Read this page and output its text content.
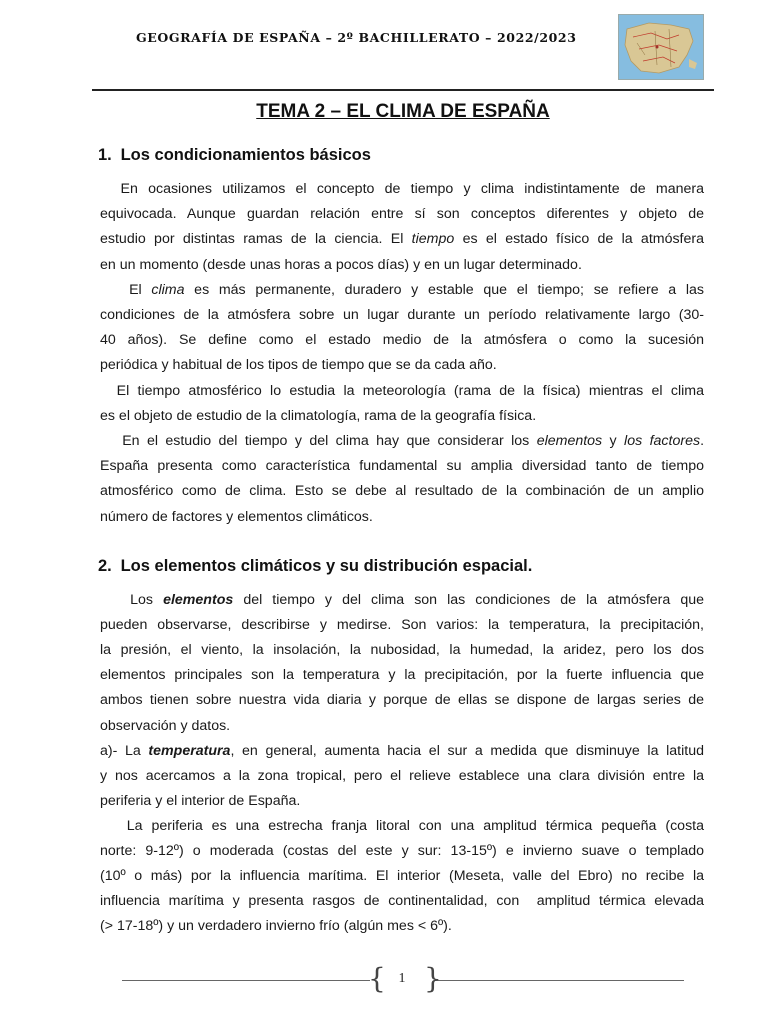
GEOGRAFÍA DE ESPAÑA – 2º BACHILLERATO – 2022/2023
TEMA 2 – EL CLIMA DE ESPAÑA
1. Los condicionamientos básicos
En ocasiones utilizamos el concepto de tiempo y clima indistintamente de manera
equivocada. Aunque guardan relación entre sí son conceptos diferentes y objeto de
estudio por distintas ramas de la ciencia. El tiempo es el estado físico de la atmósfera
en un momento (desde unas horas a pocos días) y en un lugar determinado.
El clima es más permanente, duradero y estable que el tiempo; se refiere a las
condiciones de la atmósfera sobre un lugar durante un período relativamente largo (30-
40 años). Se define como el estado medio de la atmósfera o como la sucesión
periódica y habitual de los tipos de tiempo que se da cada año.
El tiempo atmosférico lo estudia la meteorología (rama de la física) mientras el clima
es el objeto de estudio de la climatología, rama de la geografía física.
En el estudio del tiempo y del clima hay que considerar los elementos y los factores.
España presenta como característica fundamental su amplia diversidad tanto de tiempo
atmosférico como de clima. Esto se debe al resultado de la combinación de un amplio
número de factores y elementos climáticos.
2. Los elementos climáticos y su distribución espacial.
Los elementos del tiempo y del clima son las condiciones de la atmósfera que
pueden observarse, describirse y medirse. Son varios: la temperatura, la precipitación,
la presión, el viento, la insolación, la nubosidad, la humedad, la aridez, pero los dos
elementos principales son la temperatura y la precipitación, por la fuerte influencia que
ambos tienen sobre nuestra vida diaria y porque de ellas se dispone de largas series de
observación y datos.
a)- La temperatura, en general, aumenta hacia el sur a medida que disminuye la latitud
y nos acercamos a la zona tropical, pero el relieve establece una clara división entre la
periferia y el interior de España.
La periferia es una estrecha franja litoral con una amplitud térmica pequeña (costa
norte: 9-12º) o moderada (costas del este y sur: 13-15º) e invierno suave o templado
(10º o más) por la influencia marítima. El interior (Meseta, valle del Ebro) no recibe la
influencia marítima y presenta rasgos de continentalidad, con  amplitud térmica elevada
(> 17-18º) y un verdadero invierno frío (algún mes < 6º).
{ }
1
